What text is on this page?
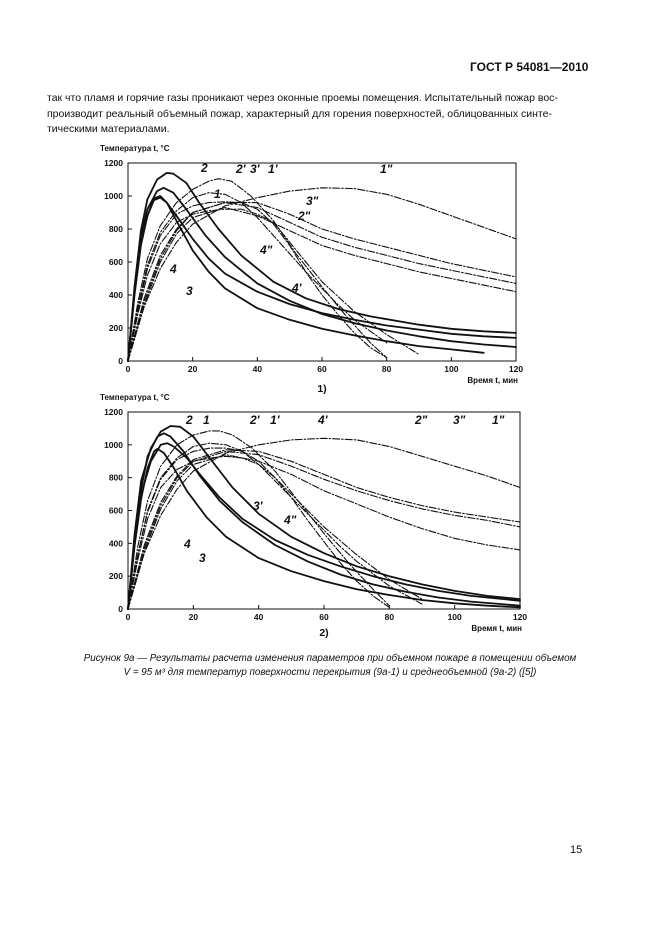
ГОСТ Р 54081—2010
так что пламя и горячие газы проникают через оконные проемы помещения. Испытательный пожар вос-
производит реальный объемный пожар, характерный для горения поверхностей, облицованных синте-
тическими материалами.
Температура t, °С
0
200
400
600
800
1000
1200
0	20	40	60	80	100	120
Время t, мин
1)
1
2
3
4
1'
2' 3'
4'
1"
2"
3"
4"
Температура t, °С
0
200
400
600
800
1000
1200
0	20	40	60	80	100	120
Время t, мин
2)
1
2
3
4
1'
2'
3'
4'	1"
2" 3"
4"
Рисунок 9а — Результаты расчета изменения параметров при объемном пожаре в помещении объемом
V = 95 м³ для температур поверхности перекрытия (9а-1) и среднеобъемной (9а-2) ([5])
15
